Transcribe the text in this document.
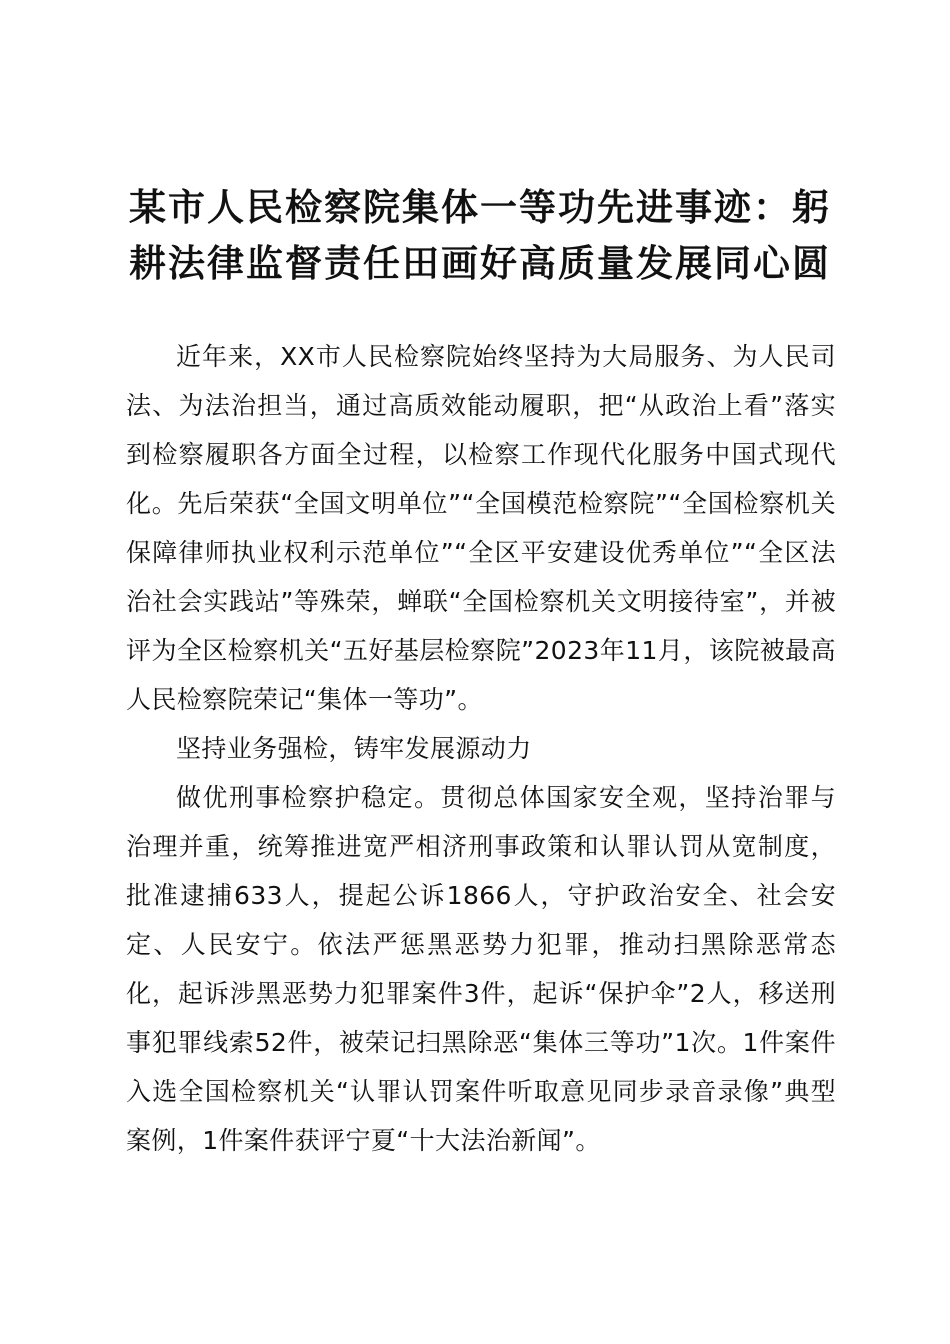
某市人民检察院集体一等功先进事迹：躬耕法律监督责任田画好高质量发展同心圆

近年来，XX市人民检察院始终坚持为大局服务、为人民司法、为法治担当，通过高质效能动履职，把“从政治上看”落实到检察履职各方面全过程，以检察工作现代化服务中国式现代化。先后荣获“全国文明单位”“全国模范检察院”“全国检察机关保障律师执业权利示范单位”“全区平安建设优秀单位”“全区法治社会实践站”等殊荣，蝉联“全国检察机关文明接待室”，并被评为全区检察机关“五好基层检察院”2023年11月，该院被最高人民检察院荣记“集体一等功”。

坚持业务强检，铸牢发展源动力

做优刑事检察护稳定。贯彻总体国家安全观，坚持治罪与治理并重，统筹推进宽严相济刑事政策和认罪认罚从宽制度，批准逮捕633人，提起公诉1866人，守护政治安全、社会安定、人民安宁。依法严惩黑恶势力犯罪，推动扫黑除恶常态化，起诉涉黑恶势力犯罪案件3件，起诉“保护伞”2人，移送刑事犯罪线索52件，被荣记扫黑除恶“集体三等功”1次。1件案件入选全国检察机关“认罪认罚案件听取意见同步录音录像”典型案例，1件案件获评宁夏“十大法治新闻”。
